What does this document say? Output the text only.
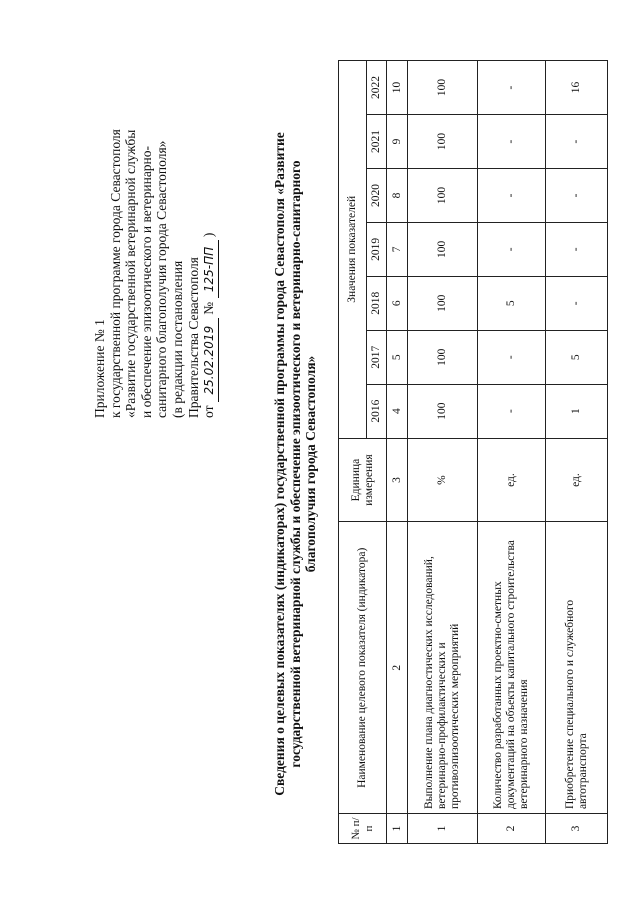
Приложение № 1 к государственной программе города Севастополя «Развитие государственной ветеринарной службы и обеспечение эпизоотического и ветеринарно- санитарного благополучия города Севастополя» (в редакции постановления Правительства Севастополя от 25.02.2019 № 125-ПП )	Сведения о целевых показателях (индикаторах) государственной программы города Севастополя «Развитие государственной ветеринарной службы и обеспечение эпизоотического и ветеринарно-санитарного благополучия города Севастополя»
№ п/п	Наименование целевого показателя (индикатора)	Единица измерения	Значения показателей						
			2016	2017	2018	2019	2020	2021	2022
1	2	3	4	5	6	7	8	9	10
1	Выполнение плана диагностических исследований, ветеринарно-профилактических и противоэпизоотических мероприятий	%	100	100	100	100	100	100	100
2	Количество разработанных проектно-сметных документаций на объекты капитального строительства ветеринарного назначения	ед.	-	-	5	-	-	-	-
3	Приобретение специального и служебного автотранспорта	ед.	1	5	-	-	-	-	16
